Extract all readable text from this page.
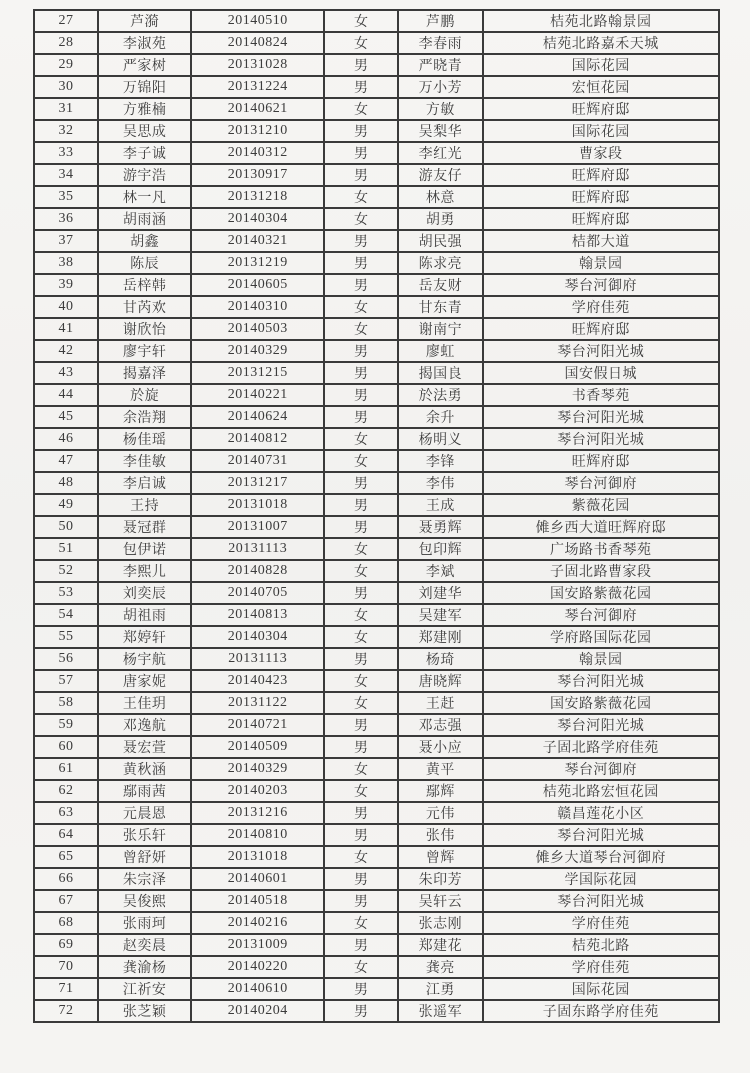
27	芦漪	20140510	女	芦鹏	桔苑北路翰景园
28	李淑苑	20140824	女	李春雨	桔苑北路嘉禾天城
29	严家树	20131028	男	严晓青	国际花园
30	万锦阳	20131224	男	万小芳	宏恒花园
31	方雅楠	20140621	女	方敏	旺辉府邸
32	吴思成	20131210	男	吴梨华	国际花园
33	李子诚	20140312	男	李红光	曹家段
34	游宇浩	20130917	男	游友仔	旺辉府邸
35	林一凡	20131218	女	林意	旺辉府邸
36	胡雨涵	20140304	女	胡勇	旺辉府邸
37	胡鑫	20140321	男	胡民强	桔都大道
38	陈辰	20131219	男	陈求亮	翰景园
39	岳梓韩	20140605	男	岳友财	琴台河御府
40	甘芮欢	20140310	女	甘东青	学府佳苑
41	谢欣怡	20140503	女	谢南宁	旺辉府邸
42	廖宇轩	20140329	男	廖虹	琴台河阳光城
43	揭嘉泽	20131215	男	揭国良	国安假日城
44	於旋	20140221	男	於法勇	书香琴苑
45	余浩翔	20140624	男	余升	琴台河阳光城
46	杨佳瑶	20140812	女	杨明义	琴台河阳光城
47	李佳敏	20140731	女	李锋	旺辉府邸
48	李启诚	20131217	男	李伟	琴台河御府
49	王持	20131018	男	王成	紫薇花园
50	聂冠群	20131007	男	聂勇辉	傩乡西大道旺辉府邸
51	包伊诺	20131113	女	包印辉	广场路书香琴苑
52	李熙儿	20140828	女	李斌	子固北路曹家段
53	刘奕辰	20140705	男	刘建华	国安路紫薇花园
54	胡祖雨	20140813	女	吴建军	琴台河御府
55	郑婷轩	20140304	女	郑建刚	学府路国际花园
56	杨宇航	20131113	男	杨琦	翰景园
57	唐家妮	20140423	女	唐晓辉	琴台河阳光城
58	王佳玥	20131122	女	王赶	国安路紫薇花园
59	邓逸航	20140721	男	邓志强	琴台河阳光城
60	聂宏萱	20140509	男	聂小应	子固北路学府佳苑
61	黄秋涵	20140329	女	黄平	琴台河御府
62	鄢雨茜	20140203	女	鄢辉	桔苑北路宏恒花园
63	元晨恩	20131216	男	元伟	赣昌莲花小区
64	张乐轩	20140810	男	张伟	琴台河阳光城
65	曾舒妍	20131018	女	曾辉	傩乡大道琴台河御府
66	朱宗泽	20140601	男	朱印芳	学国际花园
67	吴俊熙	20140518	男	吴轩云	琴台河阳光城
68	张雨珂	20140216	女	张志刚	学府佳苑
69	赵奕晨	20131009	男	郑建花	桔苑北路
70	龚渝杨	20140220	女	龚亮	学府佳苑
71	江祈安	20140610	男	江勇	国际花园
72	张芝颖	20140204	男	张遥军	子固东路学府佳苑
